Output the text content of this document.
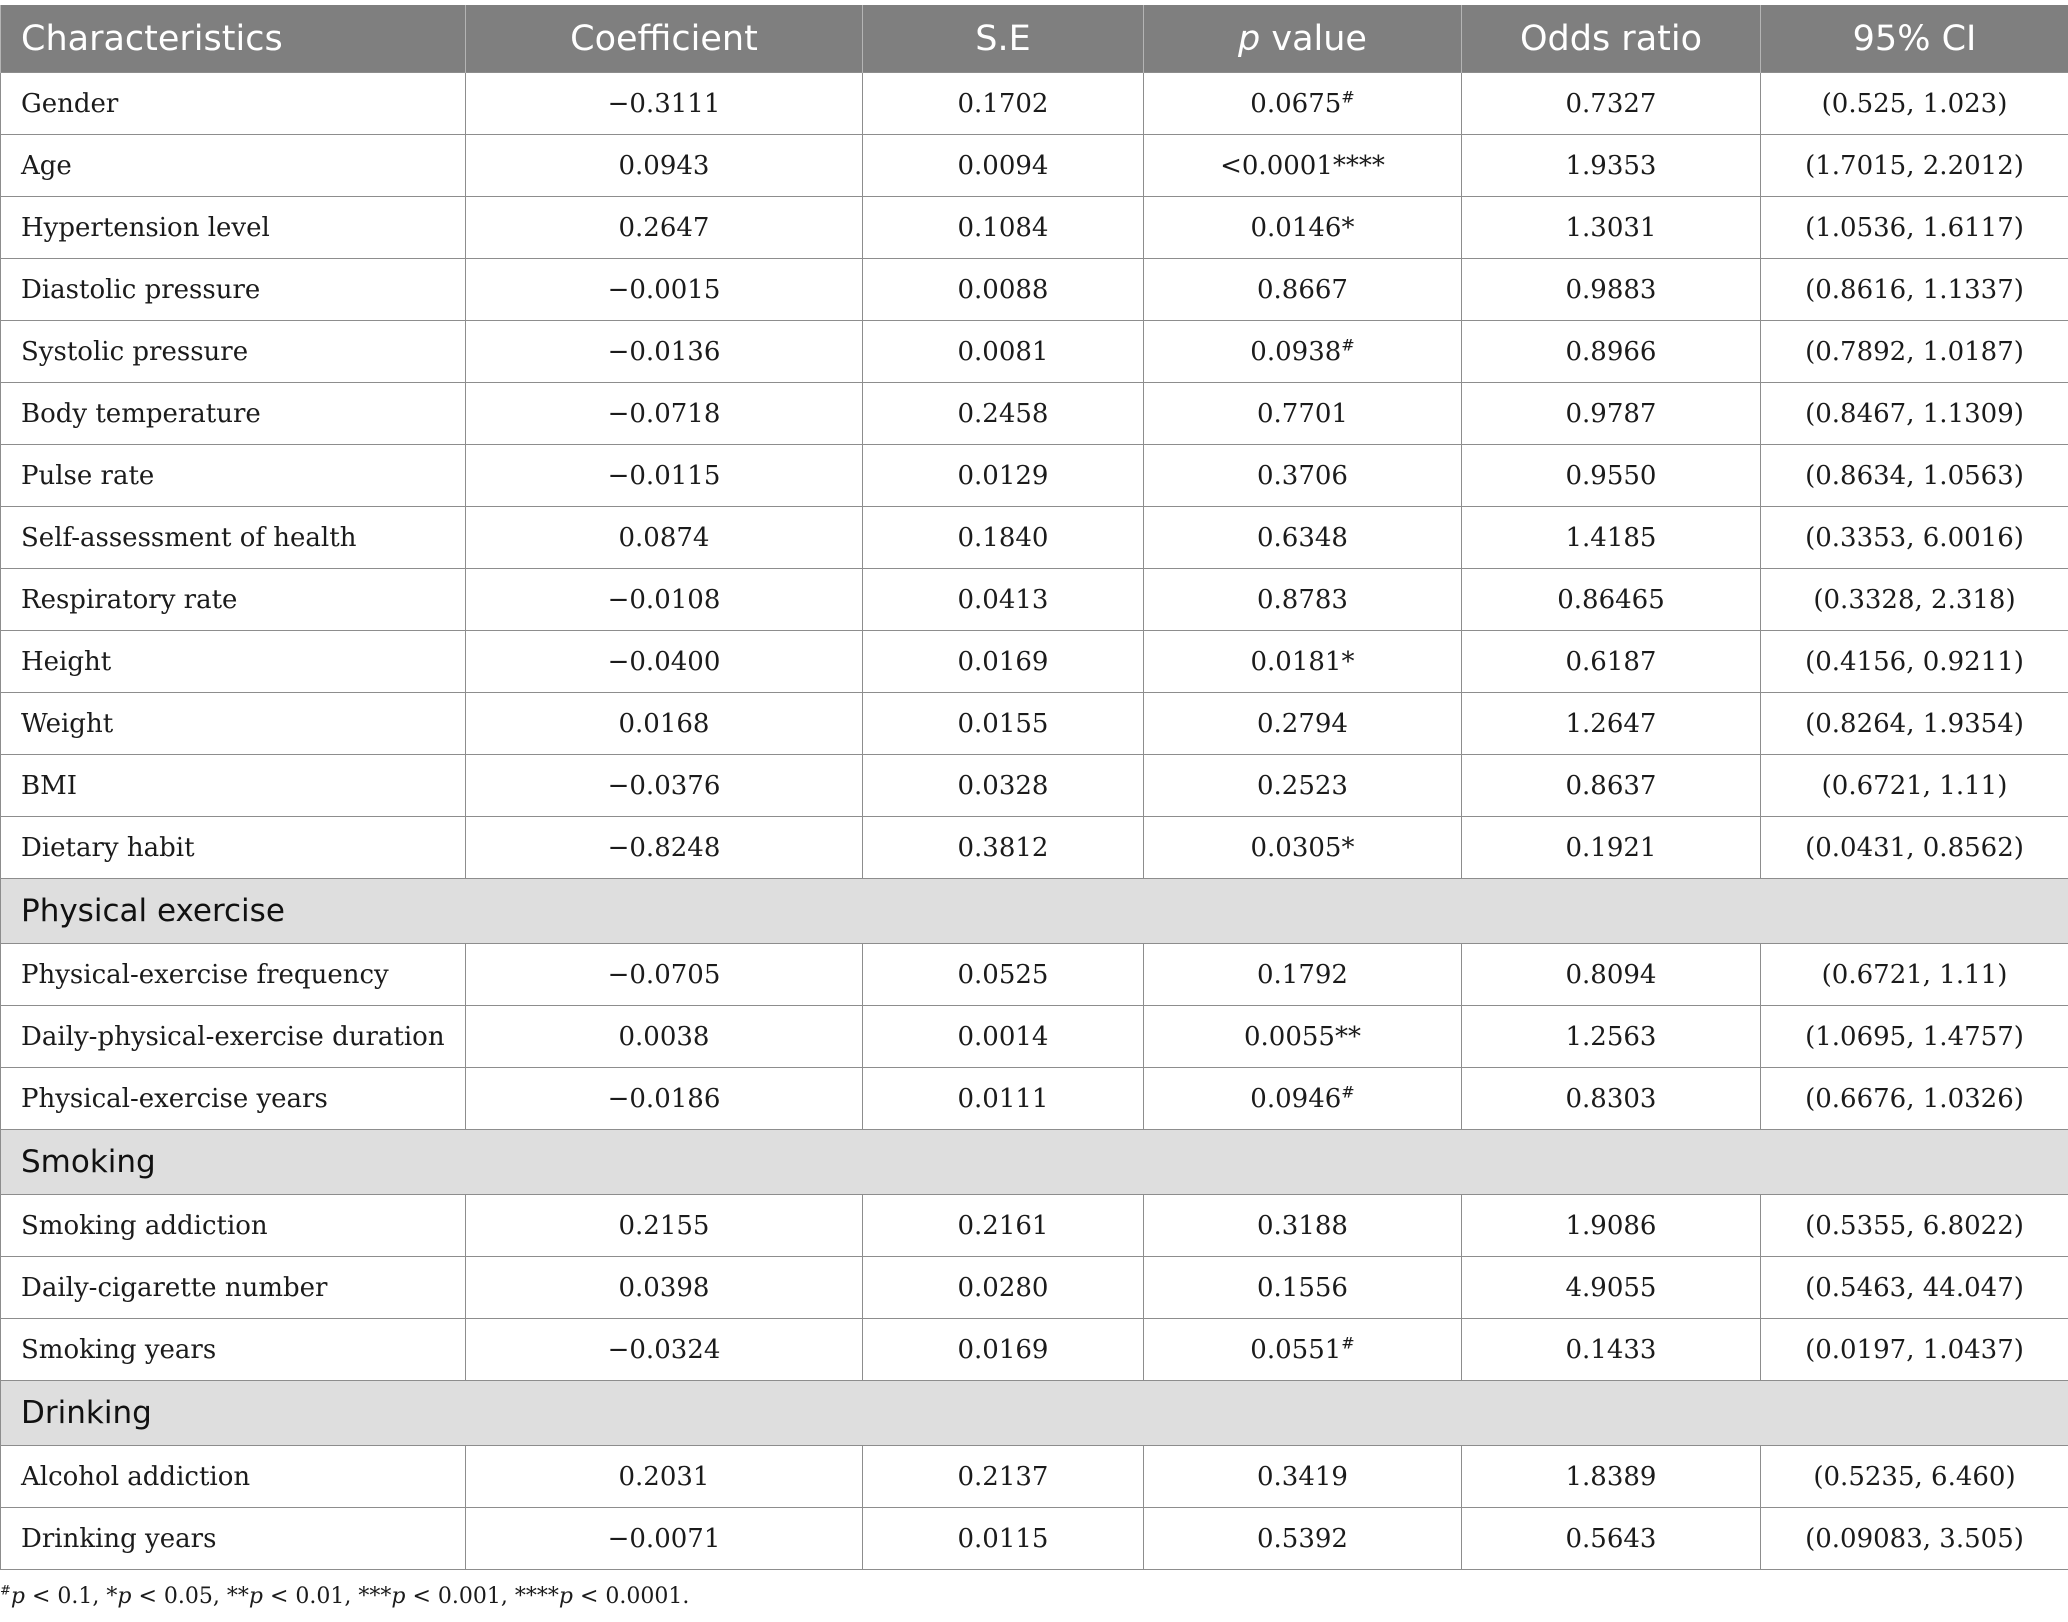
Characteristics	Coefficient	S.E	p value	Odds ratio	95% CI
Gender	−0.3111	0.1702	0.0675#	0.7327	(0.525, 1.023)
Age	0.0943	0.0094	<0.0001****	1.9353	(1.7015, 2.2012)
Hypertension level	0.2647	0.1084	0.0146*	1.3031	(1.0536, 1.6117)
Diastolic pressure	−0.0015	0.0088	0.8667	0.9883	(0.8616, 1.1337)
Systolic pressure	−0.0136	0.0081	0.0938#	0.8966	(0.7892, 1.0187)
Body temperature	−0.0718	0.2458	0.7701	0.9787	(0.8467, 1.1309)
Pulse rate	−0.0115	0.0129	0.3706	0.9550	(0.8634, 1.0563)
Self-assessment of health	0.0874	0.1840	0.6348	1.4185	(0.3353, 6.0016)
Respiratory rate	−0.0108	0.0413	0.8783	0.86465	(0.3328, 2.318)
Height	−0.0400	0.0169	0.0181*	0.6187	(0.4156, 0.9211)
Weight	0.0168	0.0155	0.2794	1.2647	(0.8264, 1.9354)
BMI	−0.0376	0.0328	0.2523	0.8637	(0.6721, 1.11)
Dietary habit	−0.8248	0.3812	0.0305*	0.1921	(0.0431, 0.8562)
Physical exercise					
Physical-exercise frequency	−0.0705	0.0525	0.1792	0.8094	(0.6721, 1.11)
Daily-physical-exercise duration	0.0038	0.0014	0.0055**	1.2563	(1.0695, 1.4757)
Physical-exercise years	−0.0186	0.0111	0.0946#	0.8303	(0.6676, 1.0326)
Smoking					
Smoking addiction	0.2155	0.2161	0.3188	1.9086	(0.5355, 6.8022)
Daily-cigarette number	0.0398	0.0280	0.1556	4.9055	(0.5463, 44.047)
Smoking years	−0.0324	0.0169	0.0551#	0.1433	(0.0197, 1.0437)
Drinking					
Alcohol addiction	0.2031	0.2137	0.3419	1.8389	(0.5235, 6.460)
Drinking years	−0.0071	0.0115	0.5392	0.5643	(0.09083, 3.505)
#p < 0.1, *p < 0.05, **p < 0.01, ***p < 0.001, ****p < 0.0001.
